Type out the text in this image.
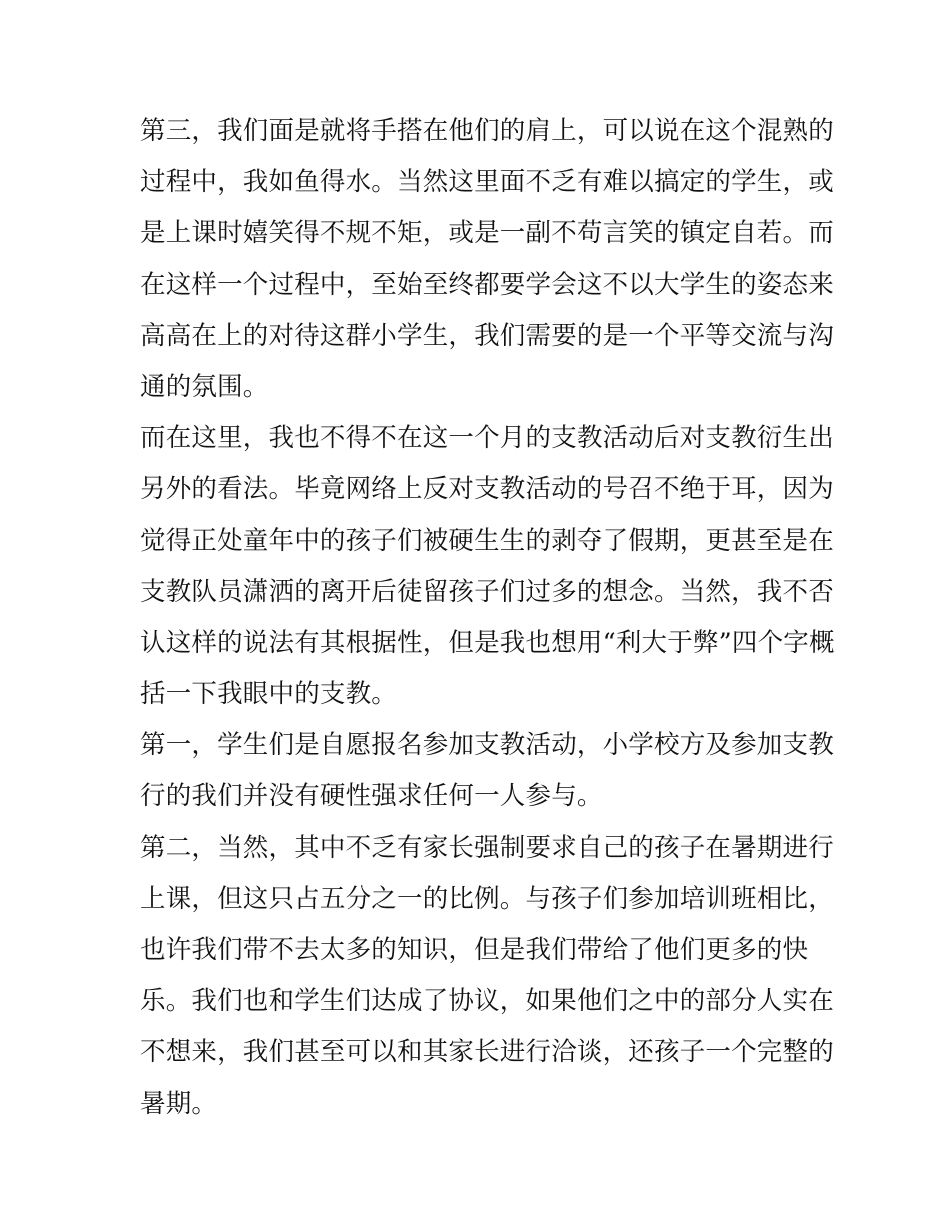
第三，我们面是就将手搭在他们的肩上，可以说在这个混熟的
过程中，我如鱼得水。当然这里面不乏有难以搞定的学生，或
是上课时嬉笑得不规不矩，或是一副不苟言笑的镇定自若。而
在这样一个过程中，至始至终都要学会这不以大学生的姿态来
高高在上的对待这群小学生，我们需要的是一个平等交流与沟
通的氛围。
而在这里，我也不得不在这一个月的支教活动后对支教衍生出
另外的看法。毕竟网络上反对支教活动的号召不绝于耳，因为
觉得正处童年中的孩子们被硬生生的剥夺了假期，更甚至是在
支教队员潇洒的离开后徒留孩子们过多的想念。当然，我不否
认这样的说法有其根据性，但是我也想用“利大于弊”四个字概
括一下我眼中的支教。
第一，学生们是自愿报名参加支教活动，小学校方及参加支教
行的我们并没有硬性强求任何一人参与。
第二，当然，其中不乏有家长强制要求自己的孩子在暑期进行
上课，但这只占五分之一的比例。与孩子们参加培训班相比，
也许我们带不去太多的知识，但是我们带给了他们更多的快
乐。我们也和学生们达成了协议，如果他们之中的部分人实在
不想来，我们甚至可以和其家长进行洽谈，还孩子一个完整的
暑期。
